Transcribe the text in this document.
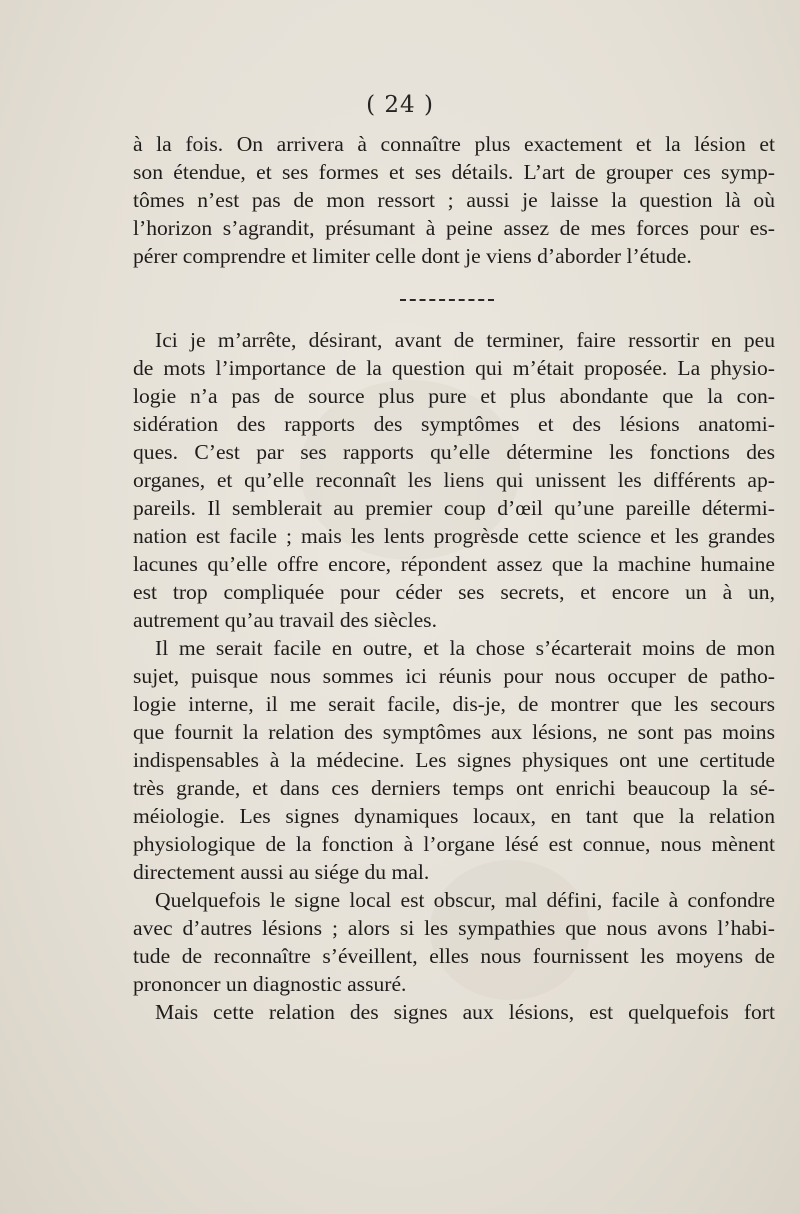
( 24 )
à la fois. On arrivera à connaître plus exactement et la lésion et
son étendue, et ses formes et ses détails. L’art de grouper ces symp-
tômes n’est pas de mon ressort ; aussi je laisse la question là où
l’horizon s’agrandit, présumant à peine assez de mes forces pour es-
pérer comprendre et limiter celle dont je viens d’aborder l’étude.
Ici je m’arrête, désirant, avant de terminer, faire ressortir en peu
de mots l’importance de la question qui m’était proposée. La physio-
logie n’a pas de source plus pure et plus abondante que la con-
sidération des rapports des symptômes et des lésions anatomi-
ques. C’est par ses rapports qu’elle détermine les fonctions des
organes, et qu’elle reconnaît les liens qui unissent les différents ap-
pareils. Il semblerait au premier coup d’œil qu’une pareille détermi-
nation est facile ; mais les lents progrèsde cette science et les grandes
lacunes qu’elle offre encore, répondent assez que la machine humaine
est trop compliquée pour céder ses secrets, et encore un à un,
autrement qu’au travail des siècles.
Il me serait facile en outre, et la chose s’écarterait moins de mon
sujet, puisque nous sommes ici réunis pour nous occuper de patho-
logie interne, il me serait facile, dis-je, de montrer que les secours
que fournit la relation des symptômes aux lésions, ne sont pas moins
indispensables à la médecine. Les signes physiques ont une certitude
très grande, et dans ces derniers temps ont enrichi beaucoup la sé-
méiologie. Les signes dynamiques locaux, en tant que la relation
physiologique de la fonction à l’organe lésé est connue, nous mènent
directement aussi au siége du mal.
Quelquefois le signe local est obscur, mal défini, facile à confondre
avec d’autres lésions ; alors si les sympathies que nous avons l’habi-
tude de reconnaître s’éveillent, elles nous fournissent les moyens de
prononcer un diagnostic assuré.
Mais cette relation des signes aux lésions, est quelquefois fort
